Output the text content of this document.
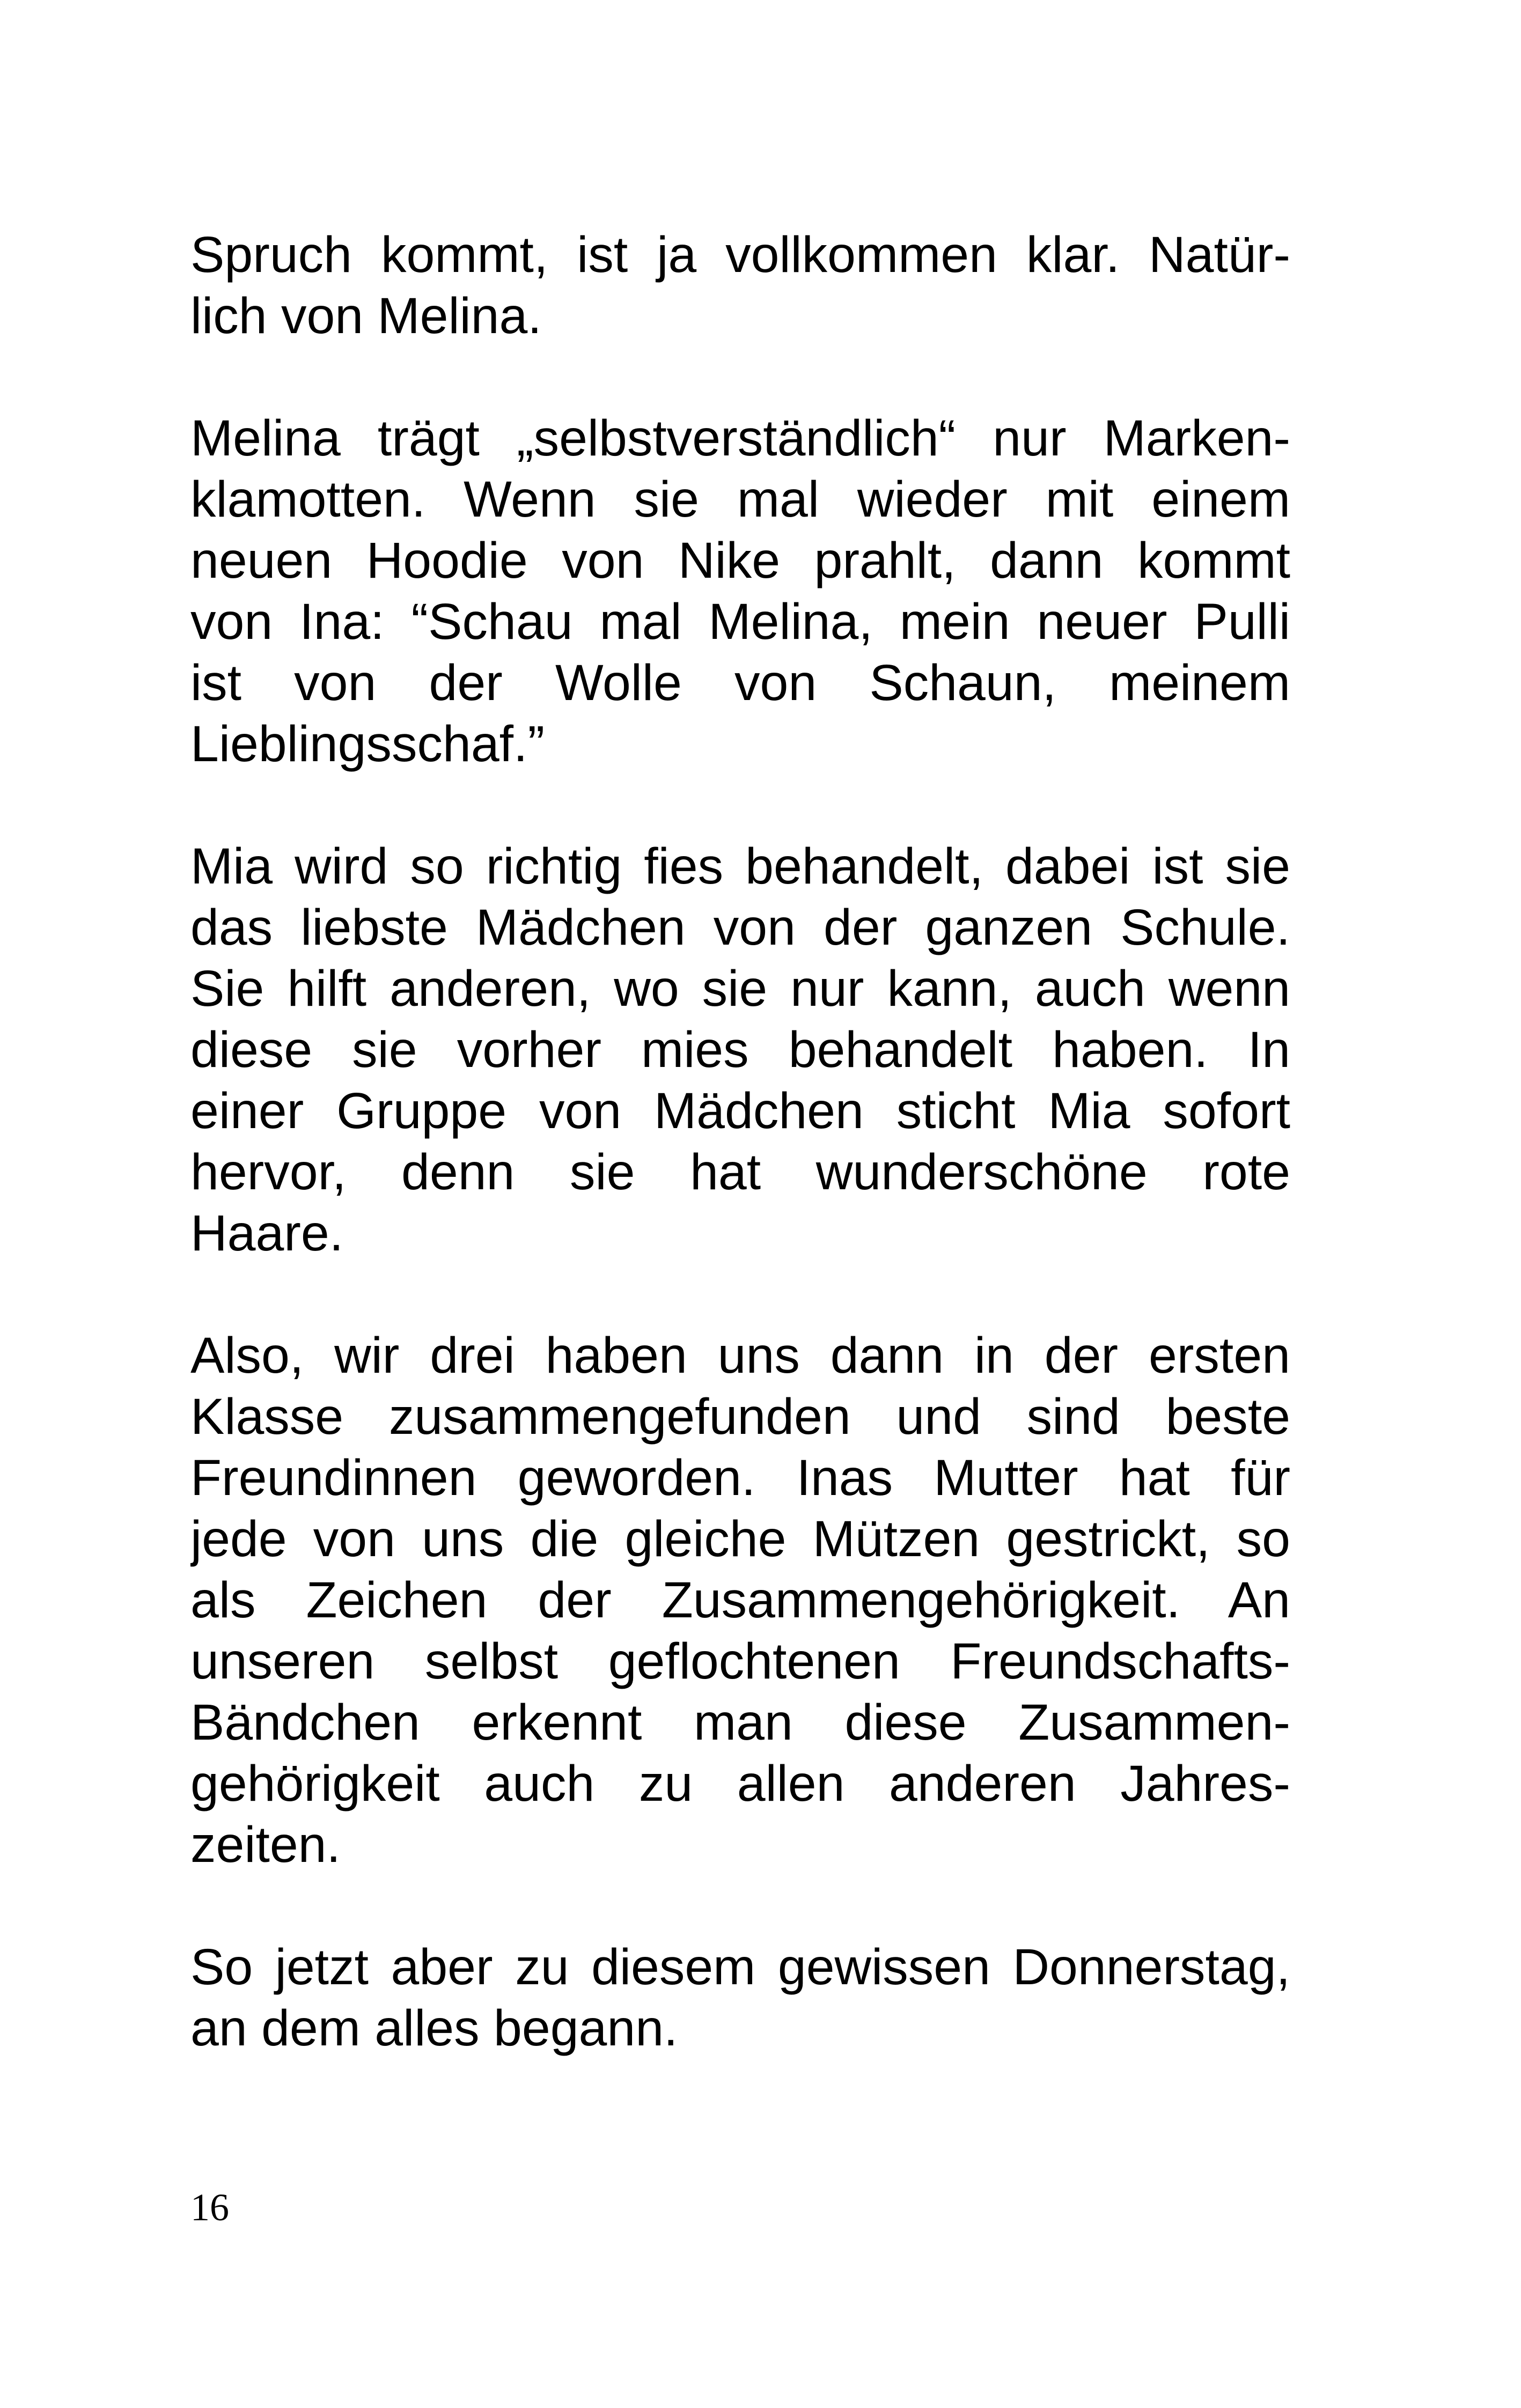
Spruch kommt, ist ja vollkommen klar. Natür-
lich von Melina.
Melina trägt „selbstverständlich“ nur Marken-
klamotten. Wenn sie mal wieder mit einem
neuen Hoodie von Nike prahlt, dann kommt
von Ina: “Schau mal Melina, mein neuer Pulli
ist von der Wolle von Schaun, meinem
Lieblingsschaf.”
Mia wird so richtig fies behandelt, dabei ist sie
das liebste Mädchen von der ganzen Schule.
Sie hilft anderen, wo sie nur kann, auch wenn
diese sie vorher mies behandelt haben. In
einer Gruppe von Mädchen sticht Mia sofort
hervor, denn sie hat wunderschöne rote
Haare.
Also, wir drei haben uns dann in der ersten
Klasse zusammengefunden und sind beste
Freundinnen geworden. Inas Mutter hat für
jede von uns die gleiche Mützen gestrickt, so
als Zeichen der Zusammengehörigkeit. An
unseren selbst geflochtenen Freundschafts-
Bändchen erkennt man diese Zusammen-
gehörigkeit auch zu allen anderen Jahres-
zeiten.
So jetzt aber zu diesem gewissen Donnerstag,
an dem alles begann.
16
